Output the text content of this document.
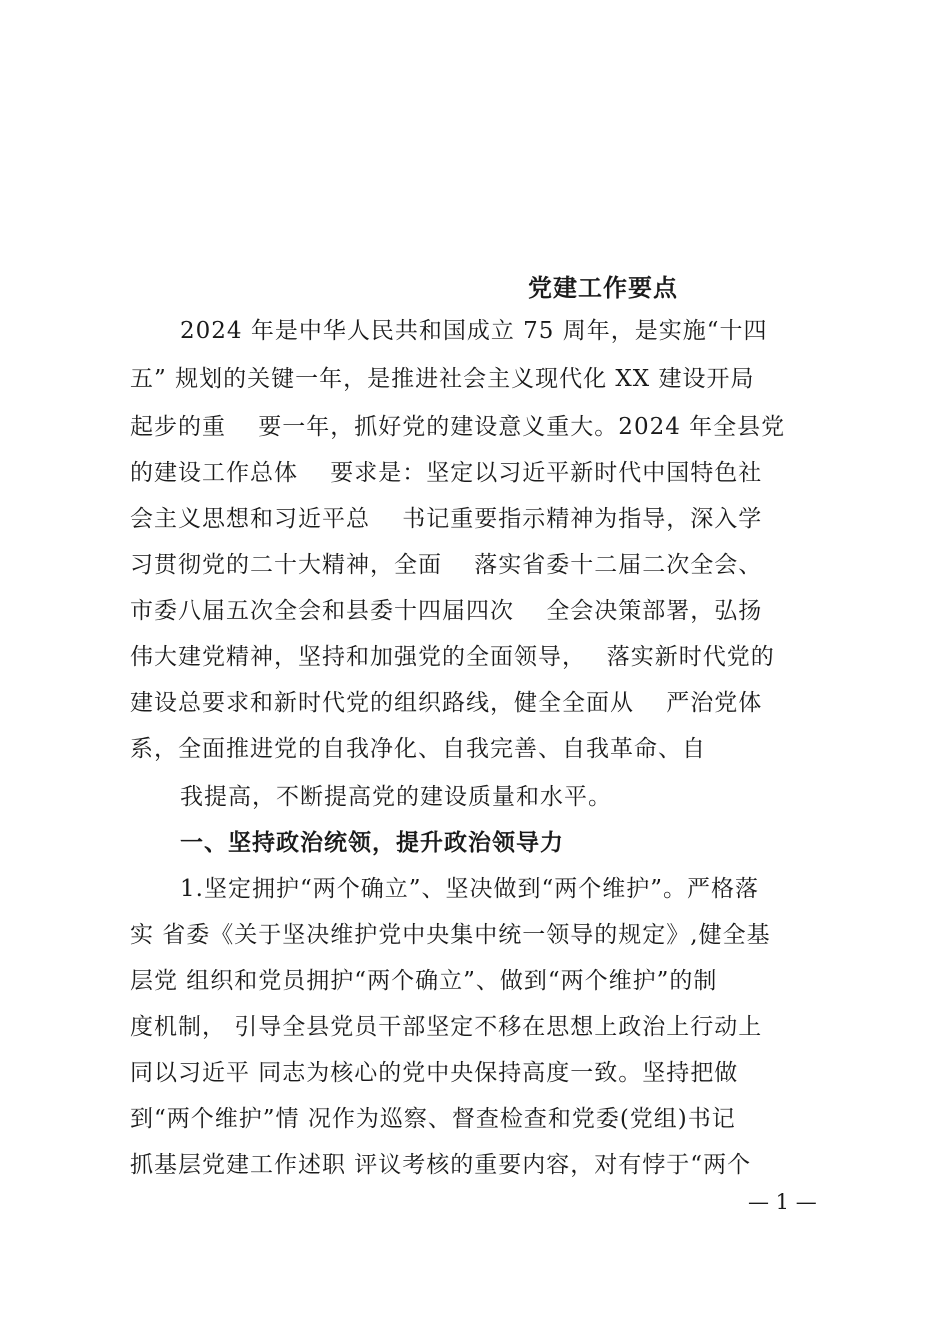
党建工作要点
2024 年是中华人民共和国成立 75 周年，是实施“十四
五” 规划的关键一年，是推进社会主义现代化 XX 建设开局
起步的重　 要一年，抓好党的建设意义重大。2024 年全县党
的建设工作总体　 要求是：坚定以习近平新时代中国特色社
会主义思想和习近平总　 书记重要指示精神为指导，深入学
习贯彻党的二十大精神，全面　 落实省委十二届二次全会、
市委八届五次全会和县委十四届四次　 全会决策部署，弘扬
伟大建党精神，坚持和加强党的全面领导，　 落实新时代党的
建设总要求和新时代党的组织路线，健全全面从　 严治党体
系，全面推进党的自我净化、自我完善、自我革命、自
我提高，不断提高党的建设质量和水平。
一、坚持政治统领，提升政治领导力
1.坚定拥护“两个确立”、坚决做到“两个维护”。严格落
实 省委《关于坚决维护党中央集中统一领导的规定》,健全基
层党 组织和党员拥护“两个确立”、做到“两个维护”的制
度机制， 引导全县党员干部坚定不移在思想上政治上行动上
同以习近平 同志为核心的党中央保持高度一致。坚持把做
到“两个维护”情 况作为巡察、督查检查和党委(党组)书记
抓基层党建工作述职 评议考核的重要内容，对有悖于“两个
— 1 —
